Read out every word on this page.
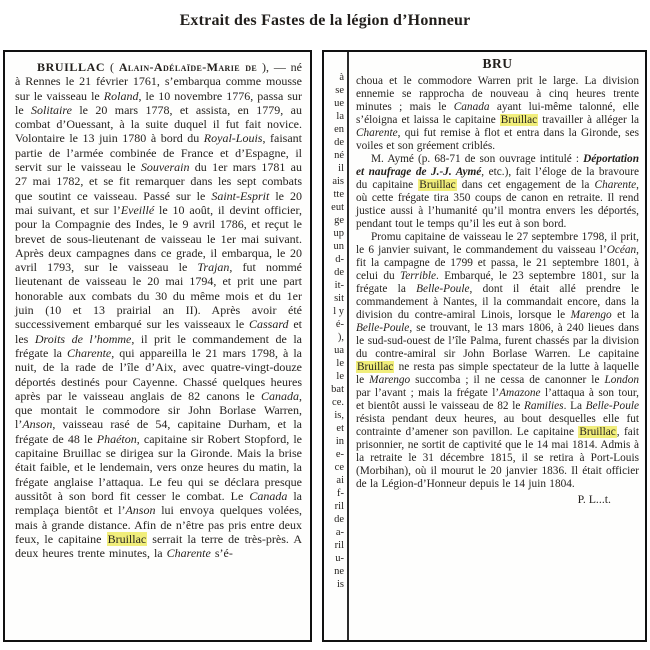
Extrait des Fastes de la légion d’Honneur

BRUILLAC ( Alain-Adélaïde-Marie de ), — né à Rennes le 21 février 1761, s’embarqua comme mousse sur le vaisseau le Roland, le 10 novembre 1776, passa sur le Solitaire le 20 mars 1778, et assista, en 1779, au combat d’Ouessant, à la suite duquel il fut fait novice. Volontaire le 13 juin 1780 à bord du Royal-Louis, faisant partie de l’armée combinée de France et d’Espagne, il servit sur le vaisseau le Souverain du 1er mars 1781 au 27 mai 1782, et se fit remarquer dans les sept combats que soutint ce vaisseau. Passé sur le Saint-Esprit le 20 mai suivant, et sur l’Eveillé le 10 août, il devint officier, pour la Compagnie des Indes, le 9 avril 1786, et reçut le brevet de sous-lieutenant de vaisseau le 1er mai suivant. Après deux campagnes dans ce grade, il embarqua, le 20 avril 1793, sur le vaisseau le Trajan, fut nommé lieutenant de vaisseau le 20 mai 1794, et prit une part honorable aux combats du 30 du même mois et du 1er juin (10 et 13 prairial an II). Après avoir été successivement embarqué sur les vaisseaux le Cassard et les Droits de l’homme, il prit le commandement de la frégate la Charente, qui appareilla le 21 mars 1798, à la nuit, de la rade de l’île d’Aix, avec quatre-vingt-douze déportés destinés pour Cayenne. Chassé quelques heures après par le vaisseau anglais de 82 canons le Canada, que montait le commodore sir John Borlase Warren, l’Anson, vaisseau rasé de 54, capitaine Durham, et la frégate de 48 le Phaéton, capitaine sir Robert Stopford, le capitaine Bruillac se dirigea sur la Gironde. Mais la brise était faible, et le lendemain, vers onze heures du matin, la frégate anglaise l’attaqua. Le feu qui se déclara presque aussitôt à son bord fit cesser le combat. Le Canada la remplaça bientôt et l’Anson lui envoya quelques volées, mais à grande distance. Afin de n’être pas pris entre deux feux, le capitaine Bruillac serrait la terre de très-près. A deux heures trente minutes, la Charente s’é-

à
se
ue
la
en
de
né
il
ais
tte
eut
ge
up
un
d-
de
it-
sit
l y
é-
),
ua
le
le
bat
ce.
is,
et
in
e-
ce
ai
f-
ril
de
a-
ril
u-
ne
is
BRU

choua et le commodore Warren prit le large. La division ennemie se rapprocha de nouveau à cinq heures trente minutes ; mais le Canada ayant lui-même talonné, elle s’éloigna et laissa le capitaine Bruillac travailler à alléger la Charente, qui fut remise à flot et entra dans la Gironde, ses voiles et son gréement criblés.

M. Aymé (p. 68-71 de son ouvrage intitulé : Déportation et naufrage de J.-J. Aymé, etc.), fait l’éloge de la bravoure du capitaine Bruillac dans cet engagement de la Charente, où cette frégate tira 350 coups de canon en retraite. Il rend justice aussi à l’humanité qu’il montra envers les déportés, pendant tout le temps qu’il les eut à son bord.

Promu capitaine de vaisseau le 27 septembre 1798, il prit, le 6 janvier suivant, le commandement du vaisseau l’Océan, fit la campagne de 1799 et passa, le 21 septembre 1801, à celui du Terrible. Embarqué, le 23 septembre 1801, sur la frégate la Belle-Poule, dont il était allé prendre le commandement à Nantes, il la commandait encore, dans la division du contre-amiral Linois, lorsque le Marengo et la Belle-Poule, se trouvant, le 13 mars 1806, à 240 lieues dans le sud-sud-ouest de l’île Palma, furent chassés par la division du contre-amiral sir John Borlase Warren. Le capitaine Bruillac ne resta pas simple spectateur de la lutte à laquelle le Marengo succomba ; il ne cessa de canonner le London par l’avant ; mais la frégate l’Amazone l’attaqua à son tour, et bientôt aussi le vaisseau de 82 le Ramilies. La Belle-Poule résista pendant deux heures, au bout desquelles elle fut contrainte d’amener son pavillon. Le capitaine Bruillac, fait prisonnier, ne sortit de captivité que le 14 mai 1814. Admis à la retraite le 31 décembre 1815, il se retira à Port-Louis (Morbihan), où il mourut le 20 janvier 1836. Il était officier de la Légion-d’Honneur depuis le 14 juin 1804.

P. L...t.
